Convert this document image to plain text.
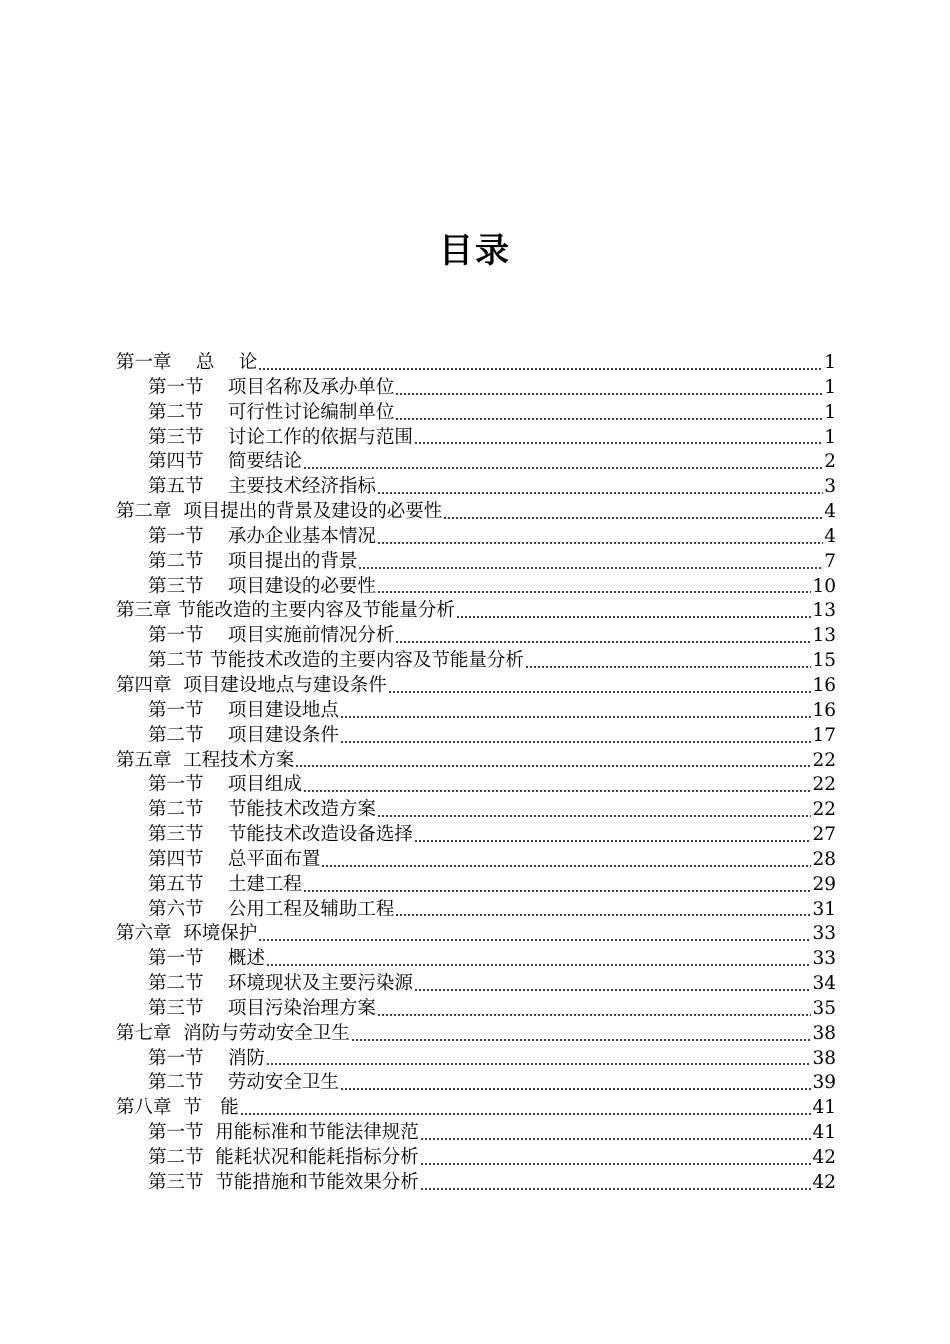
目录
第一章　 总　 论	1
第一节　 项目名称及承办单位	1
第二节　 可行性讨论编制单位	1
第三节　 讨论工作的依据与范围	1
第四节　 简要结论	2
第五节　 主要技术经济指标	3
第二章  项目提出的背景及建设的必要性	4
第一节　 承办企业基本情况	4
第二节　 项目提出的背景	7
第三节　 项目建设的必要性	10
第三章 节能改造的主要内容及节能量分析	13
第一节　 项目实施前情况分析	13
第二节 节能技术改造的主要内容及节能量分析	15
第四章  项目建设地点与建设条件	16
第一节　 项目建设地点	16
第二节　 项目建设条件	17
第五章  工程技术方案	22
第一节　 项目组成	22
第二节　 节能技术改造方案	22
第三节　 节能技术改造设备选择	27
第四节　 总平面布置	28
第五节　 土建工程	29
第六节　 公用工程及辅助工程	31
第六章  环境保护	33
第一节　 概述	33
第二节　 环境现状及主要污染源	34
第三节　 项目污染治理方案	35
第七章  消防与劳动安全卫生	38
第一节　 消防	38
第二节　 劳动安全卫生	39
第八章  节　能	41
第一节  用能标准和节能法律规范	41
第二节  能耗状况和能耗指标分析	42
第三节  节能措施和节能效果分析	42
